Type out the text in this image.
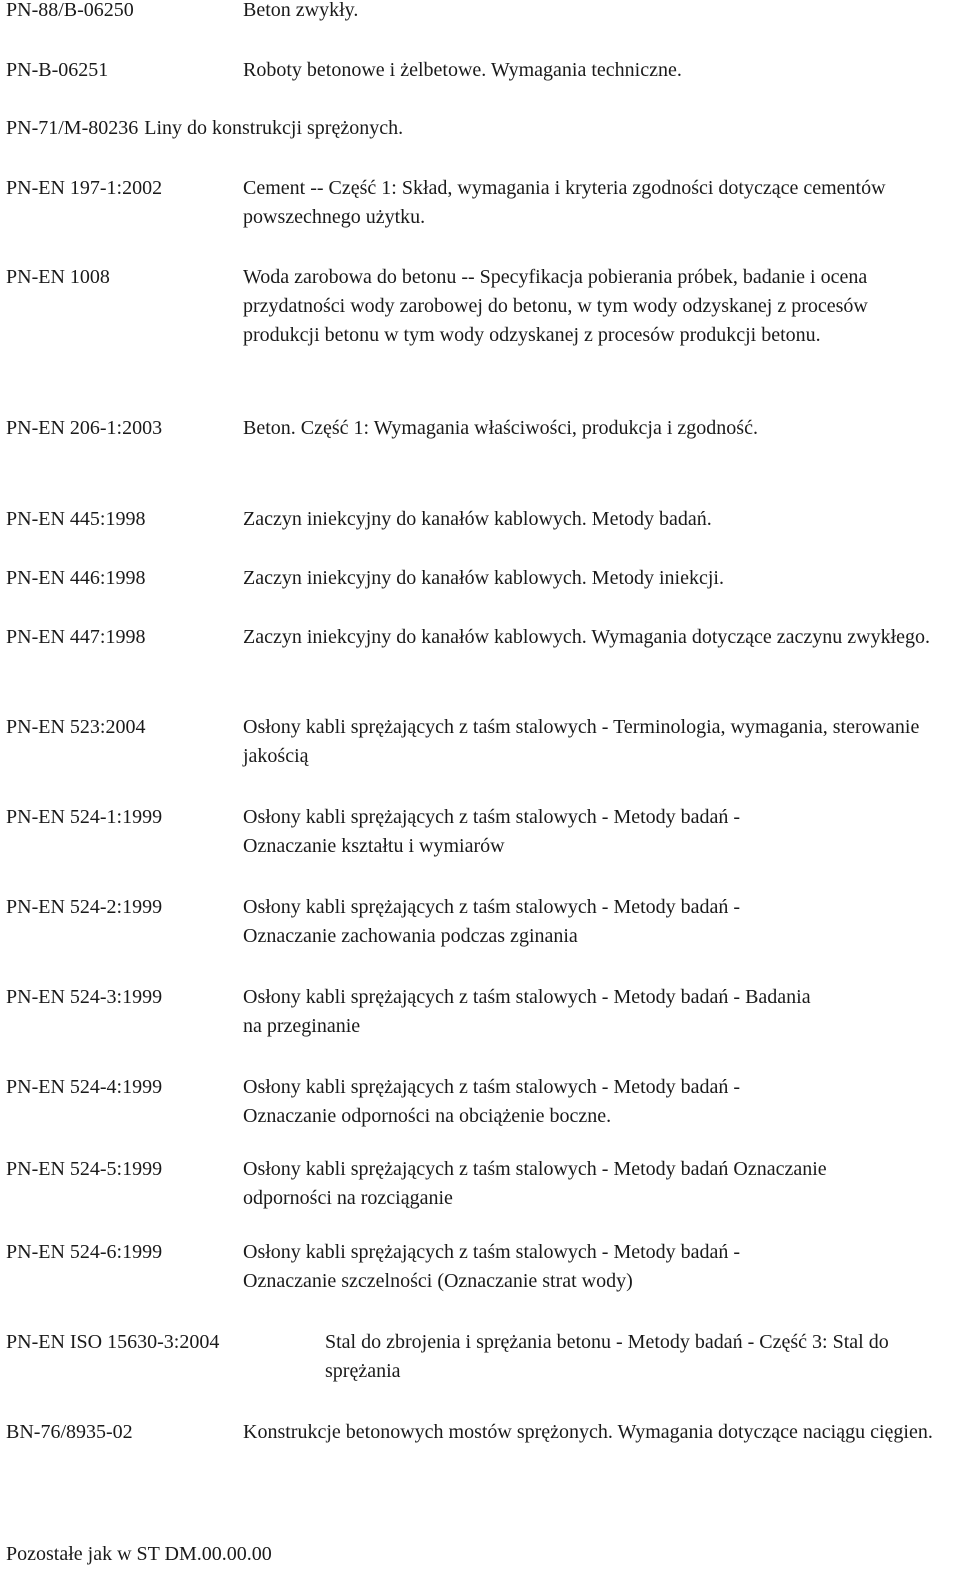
PN-88/B-06250	Beton zwykły.
PN-B-06251	Roboty betonowe i żelbetowe. Wymagania techniczne.
PN-71/M-80236 Liny do konstrukcji sprężonych.
PN-EN 197-1:2002	Cement -- Część 1: Skład, wymagania i kryteria zgodności dotyczące cementów powszechnego użytku.
PN-EN 1008	Woda zarobowa do betonu -- Specyfikacja pobierania próbek, badanie i ocena przydatności wody zarobowej do betonu, w tym wody odzyskanej z procesów produkcji betonu w tym wody odzyskanej z procesów produkcji betonu.
PN-EN 206-1:2003	Beton. Część 1: Wymagania właściwości, produkcja i zgodność.
PN-EN 445:1998	Zaczyn iniekcyjny do kanałów kablowych. Metody badań.
PN-EN 446:1998	Zaczyn iniekcyjny do kanałów kablowych. Metody iniekcji.
PN-EN 447:1998	Zaczyn iniekcyjny do kanałów kablowych. Wymagania dotyczące zaczynu zwykłego.
PN-EN 523:2004	Osłony kabli sprężających z taśm stalowych - Terminologia, wymagania, sterowanie jakością
PN-EN 524-1:1999	Osłony kabli sprężających z taśm stalowych - Metody badań - Oznaczanie kształtu i wymiarów
PN-EN 524-2:1999	Osłony kabli sprężających z taśm stalowych - Metody badań - Oznaczanie zachowania podczas zginania
PN-EN 524-3:1999	Osłony kabli sprężających z taśm stalowych - Metody badań - Badania na przeginanie
PN-EN 524-4:1999	Osłony kabli sprężających z taśm stalowych - Metody badań - Oznaczanie odporności na obciążenie boczne.
PN-EN 524-5:1999	Osłony kabli sprężających z taśm stalowych - Metody badań Oznaczanie odporności na rozciąganie
PN-EN 524-6:1999	Osłony kabli sprężających z taśm stalowych - Metody badań - Oznaczanie szczelności (Oznaczanie strat wody)
PN-EN ISO 15630-3:2004	Stal do zbrojenia i sprężania betonu - Metody badań - Część 3: Stal do sprężania
BN-76/8935-02	Konstrukcje betonowych mostów sprężonych. Wymagania dotyczące naciągu cięgien.
Pozostałe jak w ST DM.00.00.00
